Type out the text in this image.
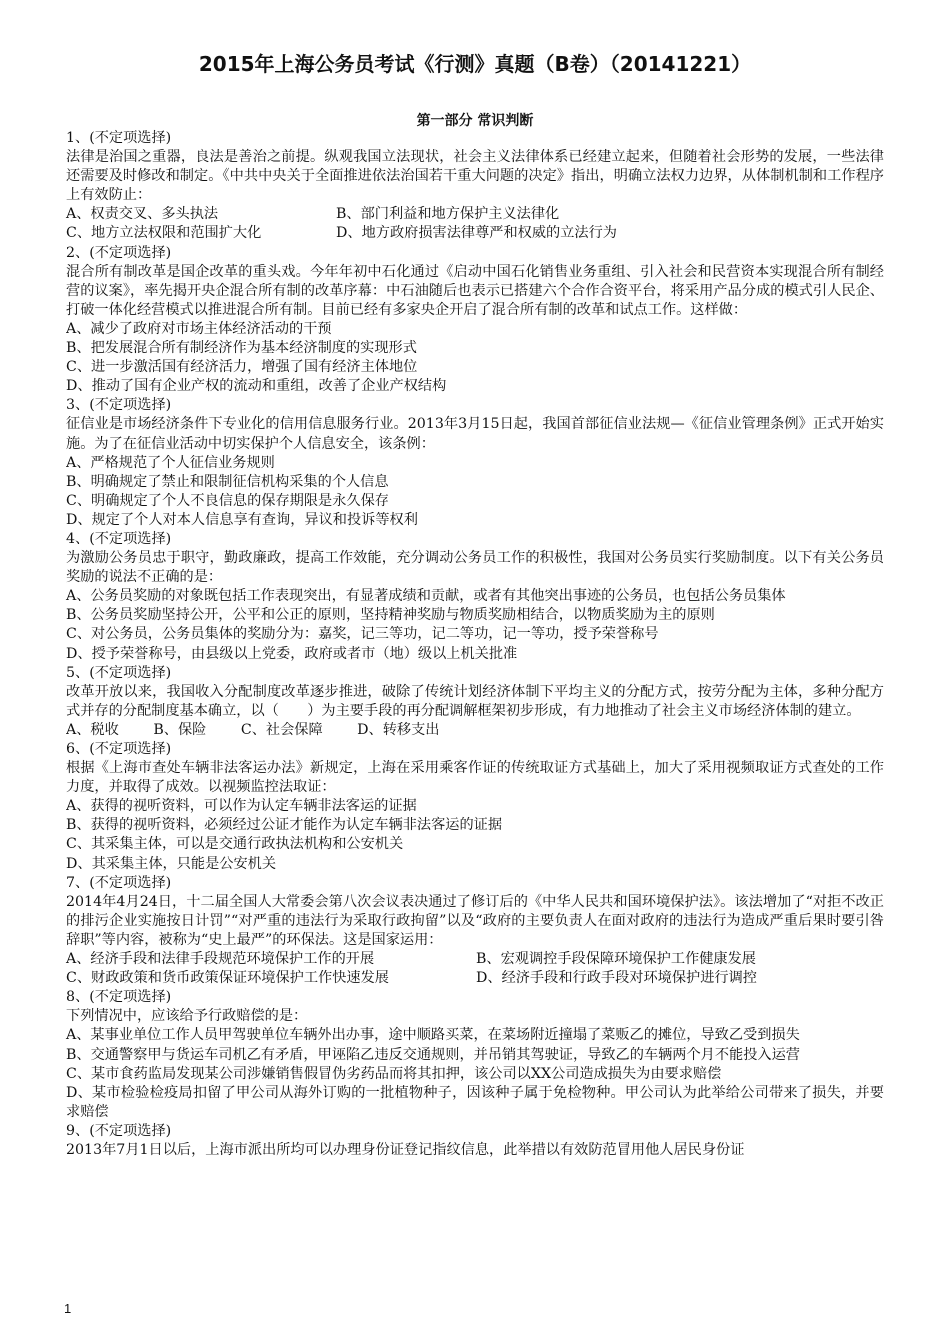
2015年上海公务员考试《行测》真题（B卷）（20141221）
第一部分 常识判断
1、(不定项选择)
法律是治国之重器，良法是善治之前提。纵观我国立法现状，社会主义法律体系已经建立起来，但随着社会形势的发展，一些法律还需要及时修改和制定。《中共中央关于全面推进依法治国若干重大问题的决定》指出，明确立法权力边界，从体制机制和工作程序上有效防止：
A、权责交叉、多头执法	B、部门利益和地方保护主义法律化
C、地方立法权限和范围扩大化	D、地方政府损害法律尊严和权威的立法行为
2、(不定项选择)
混合所有制改革是国企改革的重头戏。今年年初中石化通过《启动中国石化销售业务重组、引入社会和民营资本实现混合所有制经营的议案》，率先揭开央企混合所有制的改革序幕：中石油随后也表示已搭建六个合作合资平台，将采用产品分成的模式引人民企、打破一体化经营模式以推进混合所有制。目前已经有多家央企开启了混合所有制的改革和试点工作。这样做：
A、减少了政府对市场主体经济活动的干预
B、把发展混合所有制经济作为基本经济制度的实现形式
C、进一步激活国有经济活力，增强了国有经济主体地位
D、推动了国有企业产权的流动和重组，改善了企业产权结构
3、(不定项选择)
征信业是市场经济条件下专业化的信用信息服务行业。2013年3月15日起，我国首部征信业法规—《征信业管理条例》正式开始实施。为了在征信业活动中切实保护个人信息安全，该条例：
A、严格规范了个人征信业务规则
B、明确规定了禁止和限制征信机构采集的个人信息
C、明确规定了个人不良信息的保存期限是永久保存
D、规定了个人对本人信息享有查询，异议和投诉等权利
4、(不定项选择)
为激励公务员忠于职守，勤政廉政，提高工作效能，充分调动公务员工作的积极性，我国对公务员实行奖励制度。以下有关公务员奖励的说法不正确的是：
A、公务员奖励的对象既包括工作表现突出，有显著成绩和贡献，或者有其他突出事迹的公务员，也包括公务员集体
B、公务员奖励坚持公开，公平和公正的原则，坚持精神奖励与物质奖励相结合，以物质奖励为主的原则
C、对公务员，公务员集体的奖励分为：嘉奖，记三等功，记二等功，记一等功，授予荣誉称号
D、授予荣誉称号，由县级以上党委，政府或者市（地）级以上机关批准
5、(不定项选择)
改革开放以来，我国收入分配制度改革逐步推进，破除了传统计划经济体制下平均主义的分配方式，按劳分配为主体，多种分配方式并存的分配制度基本确立，以（　　）为主要手段的再分配调解框架初步形成，有力地推动了社会主义市场经济体制的建立。
A、税收 B、保险 C、社会保障 D、转移支出
6、(不定项选择)
根据《上海市查处车辆非法客运办法》新规定，上海在采用乘客作证的传统取证方式基础上，加大了采用视频取证方式查处的工作力度，并取得了成效。以视频监控法取证：
A、获得的视听资料，可以作为认定车辆非法客运的证据
B、获得的视听资料，必须经过公证才能作为认定车辆非法客运的证据
C、其采集主体，可以是交通行政执法机构和公安机关
D、其采集主体，只能是公安机关
7、(不定项选择)
2014年4月24日，十二届全国人大常委会第八次会议表决通过了修订后的《中华人民共和国环境保护法》。该法增加了“对拒不改正的排污企业实施按日计罚”“对严重的违法行为采取行政拘留”以及“政府的主要负责人在面对政府的违法行为造成严重后果时要引咎辞职”等内容，被称为“史上最严”的环保法。这是国家运用：
A、经济手段和法律手段规范环境保护工作的开展	B、宏观调控手段保障环境保护工作健康发展
C、财政政策和货币政策保证环境保护工作快速发展	D、经济手段和行政手段对环境保护进行调控
8、(不定项选择)
下列情况中，应该给予行政赔偿的是：
A、某事业单位工作人员甲驾驶单位车辆外出办事，途中顺路买菜，在菜场附近撞塌了菜贩乙的摊位，导致乙受到损失
B、交通警察甲与货运车司机乙有矛盾，甲诬陷乙违反交通规则，并吊销其驾驶证，导致乙的车辆两个月不能投入运营
C、某市食药监局发现某公司涉嫌销售假冒伪劣药品而将其扣押，该公司以XX公司造成损失为由要求赔偿
D、某市检验检疫局扣留了甲公司从海外订购的一批植物种子，因该种子属于免检物种。甲公司认为此举给公司带来了损失，并要求赔偿
9、(不定项选择)
2013年7月1日以后，上海市派出所均可以办理身份证登记指纹信息，此举措以有效防范冒用他人居民身份证
1
